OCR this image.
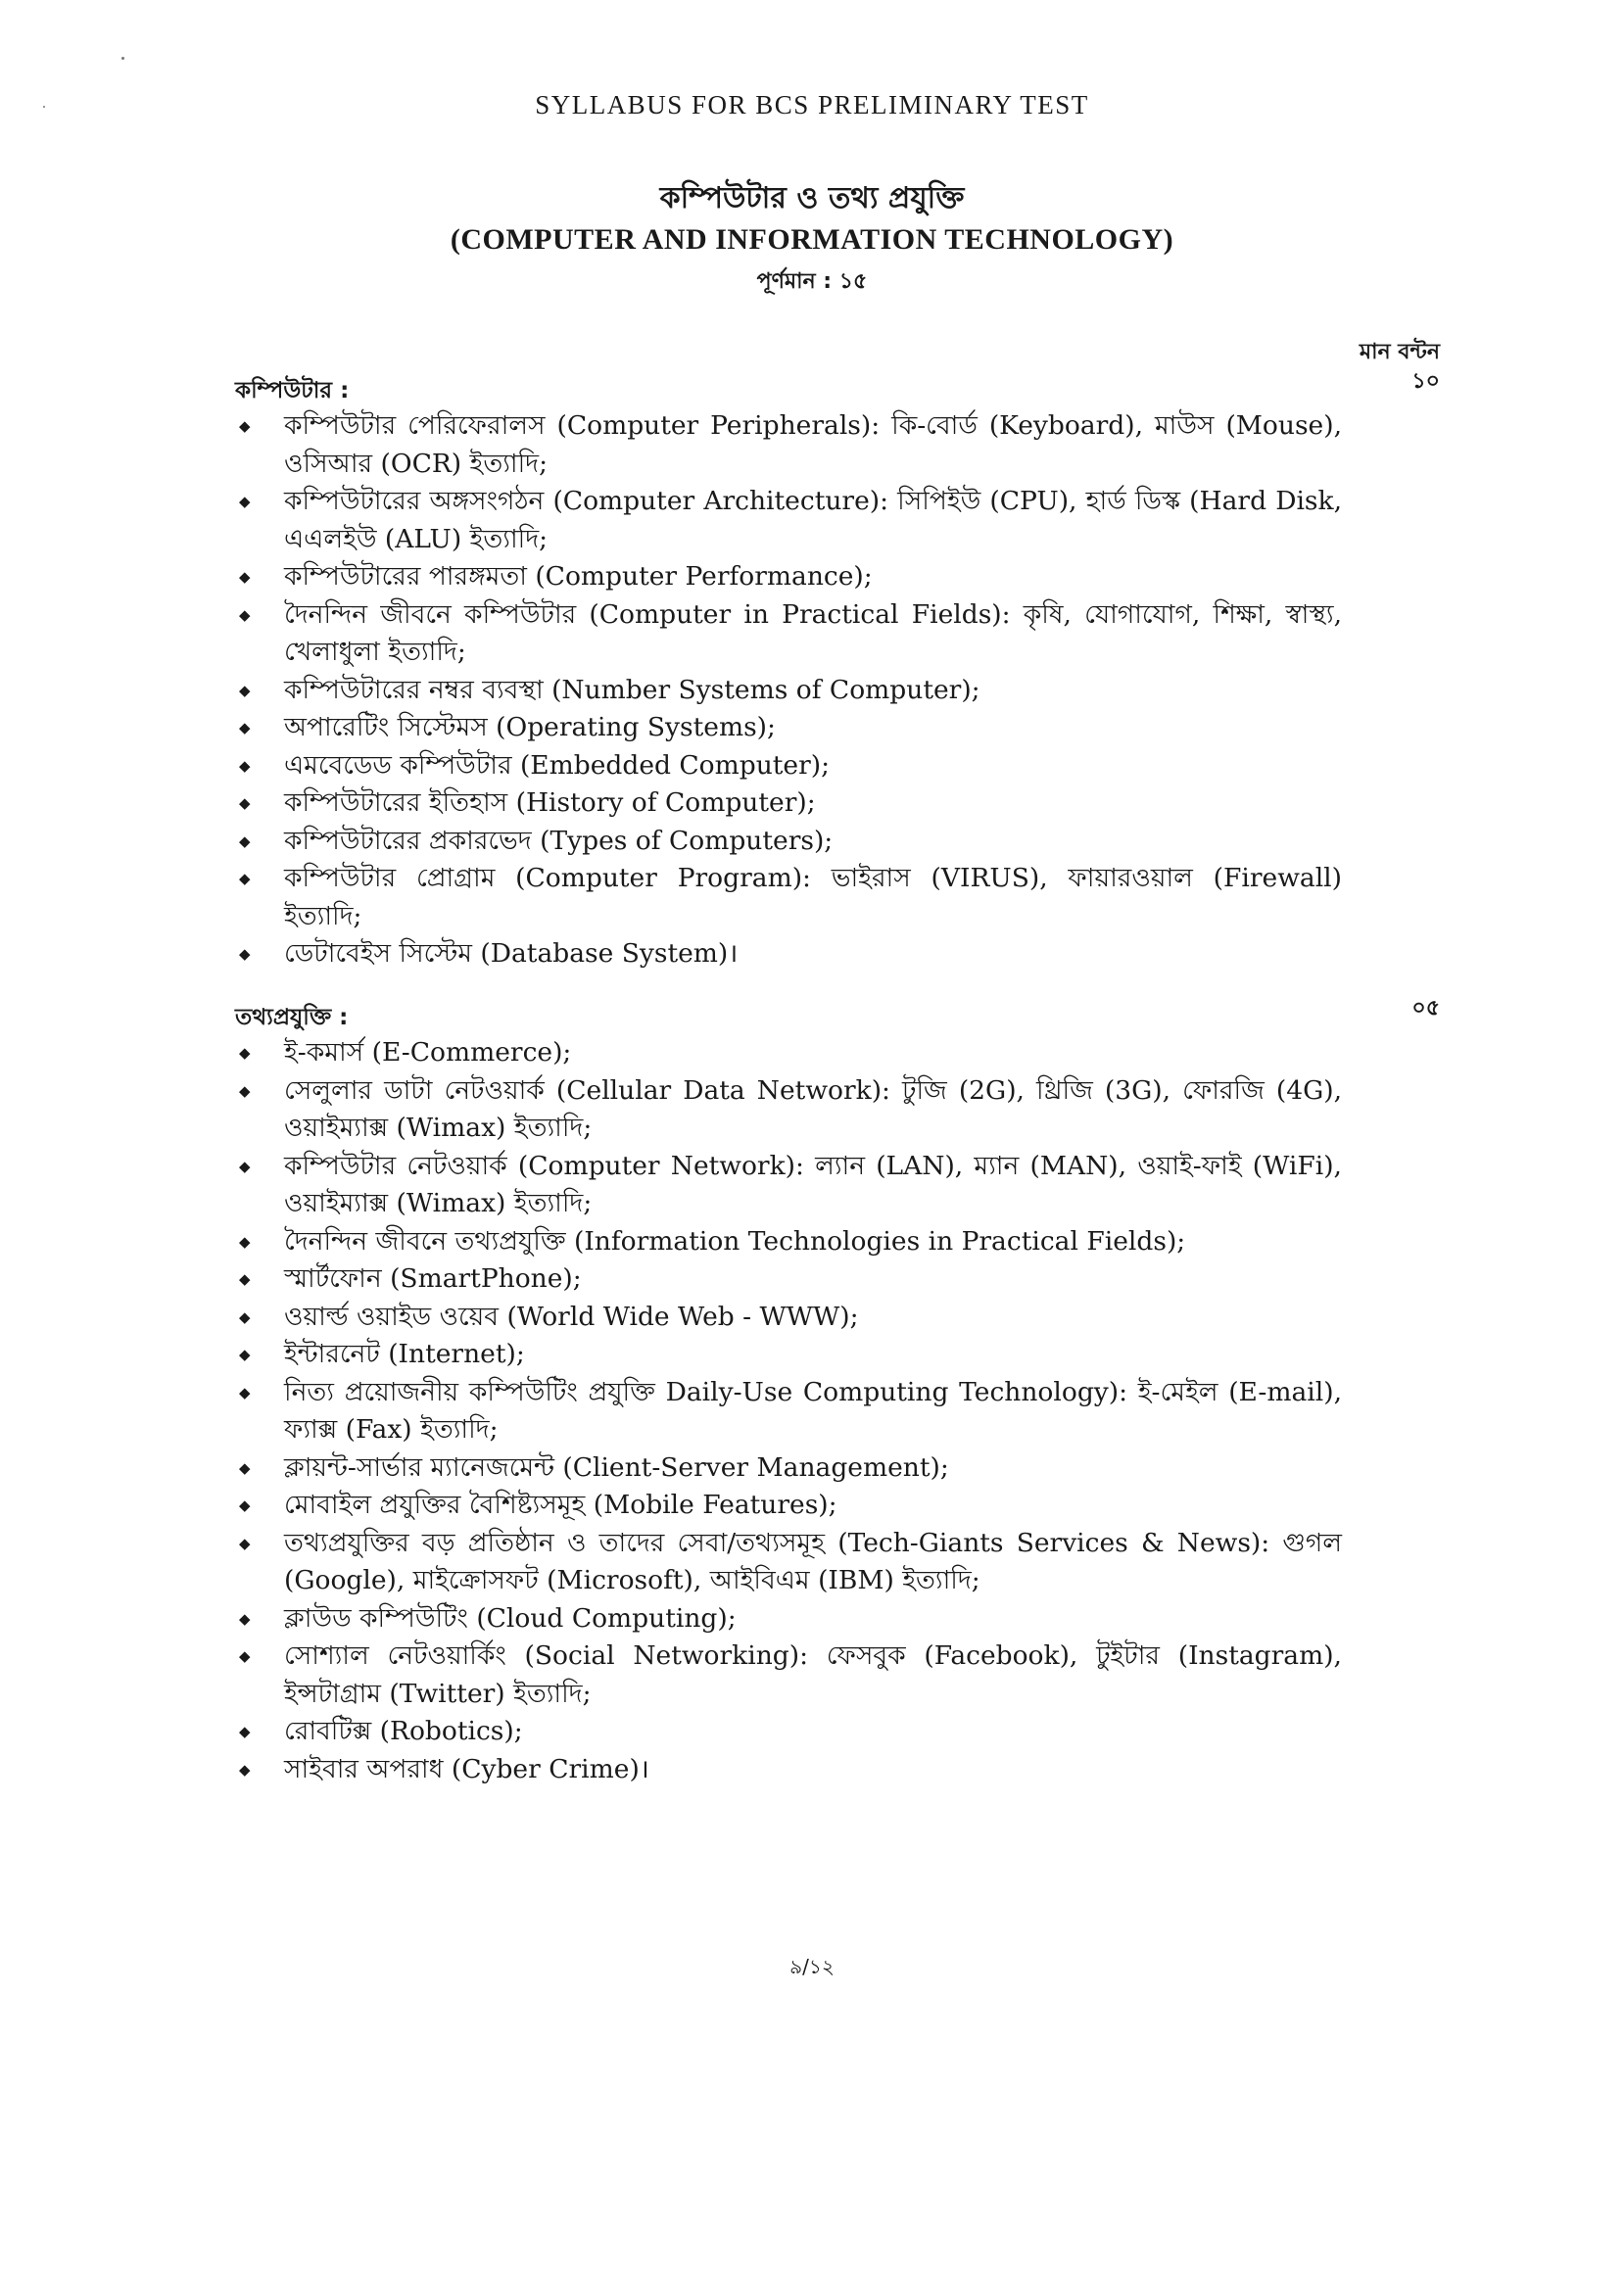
SYLLABUS FOR BCS PRELIMINARY TEST
কম্পিউটার ও তথ্য প্রযুক্তি
(COMPUTER AND INFORMATION TECHNOLOGY)
পূর্ণমান : ১৫
মান বন্টন
কম্পিউটার :	১০
◆ কম্পিউটার পেরিফেরালস (Computer Peripherals): কি-বোর্ড (Keyboard), মাউস (Mouse), ওসিআর (OCR) ইত্যাদি;
◆ কম্পিউটারের অঙ্গসংগঠন (Computer Architecture): সিপিইউ (CPU), হার্ড ডিস্ক (Hard Disk, এএলইউ (ALU) ইত্যাদি;
◆ কম্পিউটারের পারঙ্গমতা (Computer Performance);
◆ দৈনন্দিন জীবনে কম্পিউটার (Computer in Practical Fields): কৃষি, যোগাযোগ, শিক্ষা, স্বাস্থ্য, খেলাধুলা ইত্যাদি;
◆ কম্পিউটারের নম্বর ব্যবস্থা (Number Systems of Computer);
◆ অপারেটিং সিস্টেমস (Operating Systems);
◆ এমবেডেড কম্পিউটার (Embedded Computer);
◆ কম্পিউটারের ইতিহাস (History of Computer);
◆ কম্পিউটারের প্রকারভেদ (Types of Computers);
◆ কম্পিউটার প্রোগ্রাম (Computer Program): ভাইরাস (VIRUS), ফায়ারওয়াল (Firewall) ইত্যাদি;
◆ ডেটাবেইস সিস্টেম (Database System)।
তথ্যপ্রযুক্তি :	০৫
◆ ই-কমার্স (E-Commerce);
◆ সেলুলার ডাটা নেটওয়ার্ক (Cellular Data Network): টুজি (2G), থ্রিজি (3G), ফোরজি (4G), ওয়াইম্যাক্স (Wimax) ইত্যাদি;
◆ কম্পিউটার নেটওয়ার্ক (Computer Network): ল্যান (LAN), ম্যান (MAN), ওয়াই-ফাই (WiFi), ওয়াইম্যাক্স (Wimax) ইত্যাদি;
◆ দৈনন্দিন জীবনে তথ্যপ্রযুক্তি (Information Technologies in Practical Fields);
◆ স্মার্টফোন (SmartPhone);
◆ ওয়ার্ল্ড ওয়াইড ওয়েব (World Wide Web - WWW);
◆ ইন্টারনেট (Internet);
◆ নিত্য প্রয়োজনীয় কম্পিউটিং প্রযুক্তি Daily-Use Computing Technology): ই-মেইল (E-mail), ফ্যাক্স (Fax) ইত্যাদি;
◆ ক্লায়ন্ট-সার্ভার ম্যানেজমেন্ট (Client-Server Management);
◆ মোবাইল প্রযুক্তির বৈশিষ্ট্যসমূহ (Mobile Features);
◆ তথ্যপ্রযুক্তির বড় প্রতিষ্ঠান ও তাদের সেবা/তথ্যসমূহ (Tech-Giants Services & News): গুগল (Google), মাইক্রোসফট (Microsoft), আইবিএম (IBM) ইত্যাদি;
◆ ক্লাউড কম্পিউটিং (Cloud Computing);
◆ সোশ্যাল নেটওয়ার্কিং (Social Networking): ফেসবুক (Facebook), টুইটার (Instagram), ইন্সটাগ্রাম (Twitter) ইত্যাদি;
◆ রোবটিক্স (Robotics);
◆ সাইবার অপরাধ (Cyber Crime)।
৯/১২
